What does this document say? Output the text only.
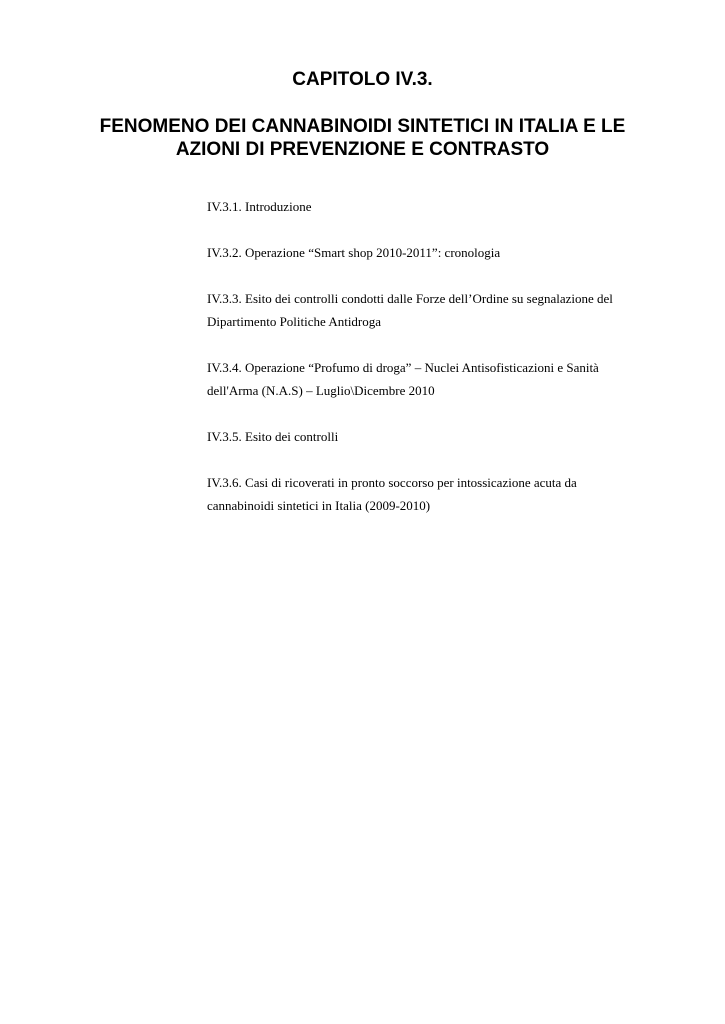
CAPITOLO IV.3.
FENOMENO DEI CANNABINOIDI SINTETICI IN ITALIA E LE
AZIONI DI PREVENZIONE E CONTRASTO
IV.3.1. Introduzione
IV.3.2. Operazione “Smart shop 2010-2011”: cronologia
IV.3.3. Esito dei controlli condotti dalle Forze dell’Ordine su segnalazione del Dipartimento Politiche Antidroga
IV.3.4. Operazione “Profumo di droga” – Nuclei Antisofisticazioni e Sanità dell'Arma (N.A.S) – Luglio\Dicembre 2010
IV.3.5. Esito dei controlli
IV.3.6. Casi di ricoverati in pronto soccorso per intossicazione acuta da cannabinoidi sintetici in Italia (2009-2010)
